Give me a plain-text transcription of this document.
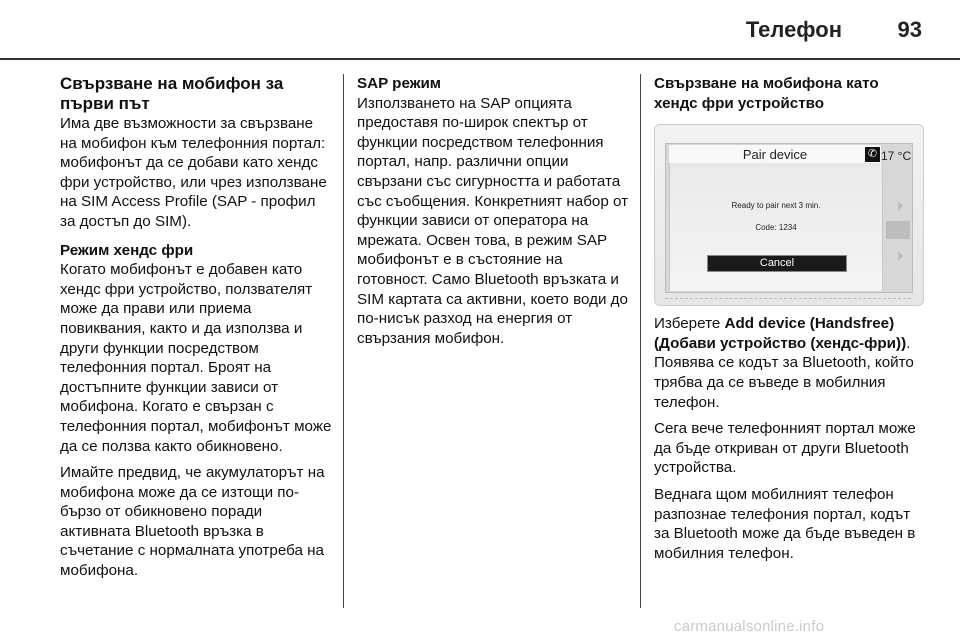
Телефон	93

Свързване на мобифон за първи път

Има две възможности за свързване на мобифон към телефонния портал: мобифонът да се добави като хендс фри устройство, или чрез използване на SIM Access Profile (SAP - профил за достъп до SIM).

Режим хендс фри

Когато мобифонът е добавен като хендс фри устройство, ползвателят може да прави или приема повиквания, както и да използва и други функции посредством телефонния портал. Броят на достъпните функции зависи от мобифона. Когато е свързан с телефонния портал, мобифонът може да се ползва както обикновено.

Имайте предвид, че акумулаторът на мобифона може да се изтощи по-бързо от обикновено поради активната Bluetooth връзка в съчетание с нормалната употреба на мобифона.

SAP режим

Използването на SAP опцията предоставя по-широк спектър от функции посредством телефонния портал, напр. различни опции свързани със сигурността и работата със съобщения. Конкретният набор от функции зависи от оператора на мрежата. Освен това, в режим SAP мобифонът е в състояние на готовност. Само Bluetooth връзката и SIM картата са активни, което води до по-нисък разход на енергия от свързания мобифон.

Свързване на мобифона като хендс фри устройство

Pair device	✆ 17 °C
Ready to pair next 3 min.
Code: 1234
Cancel

Изберете Add device (Handsfree) (Добави устройство (хендс-фри)). Появява се кодът за Bluetooth, който трябва да се въведе в мобилния телефон.

Сега вече телефонният портал може да бъде откриван от други Bluetooth устройства.

Веднага щом мобилният телефон разпознае телефония портал, кодът за Bluetooth може да бъде въведен в мобилния телефон.

carmanualsonline.info
